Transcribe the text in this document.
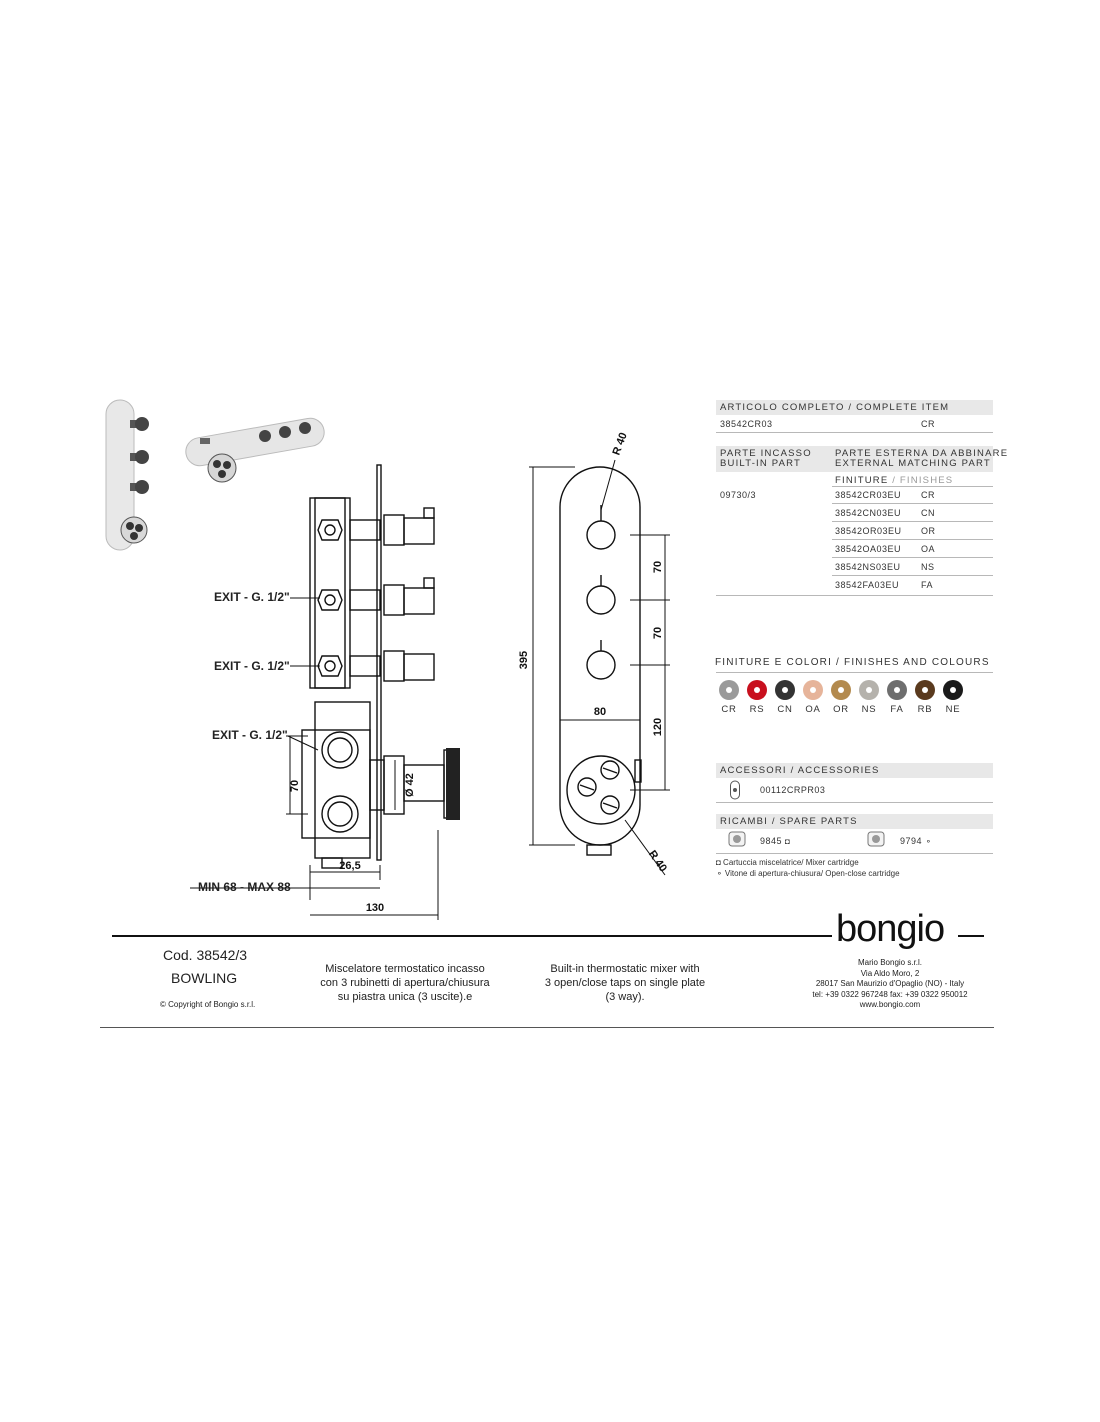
70	Ø 42
26,5
130
EXIT - G. 1/2"
EXIT - G. 1/2"
EXIT - G. 1/2"
MIN 68 - MAX 88
395
R 40
70
70
80
120
R 40
ARTICOLO COMPLETO / COMPLETE ITEM
38542CR03	CR
PARTE INCASSO
BUILT-IN PART
PARTE ESTERNA DA ABBINARE
EXTERNAL MATCHING PART
FINITURE / FINISHES
09730/3	38542CR03EU CR
38542CN03EU CN
38542OR03EU OR
38542OA03EU OA
38542NS03EU NS
38542FA03EU FA
FINITURE E COLORI / FINISHES AND COLOURS
CR	RS	CN	OA	OR	NS	FA	RB	NE
ACCESSORI / ACCESSORIES
00112CRPR03
RICAMBI / SPARE PARTS
9845 ◘	9794 ⚬
◘ Cartuccia miscelatrice/ Mixer cartridge
⚬ Vitone di apertura-chiusura/ Open-close cartridge
bongio
Cod. 38542/3
BOWLING
© Copyright of Bongio s.r.l.
Miscelatore termostatico incasso
con 3 rubinetti di apertura/chiusura
su piastra unica (3 uscite).e
Built-in thermostatic mixer with
3 open/close taps on single plate
(3 way).
Mario Bongio s.r.l.
Via Aldo Moro, 2
28017 San Maurizio d'Opaglio (NO) - Italy
tel: +39 0322 967248 fax: +39 0322 950012
www.bongio.com
